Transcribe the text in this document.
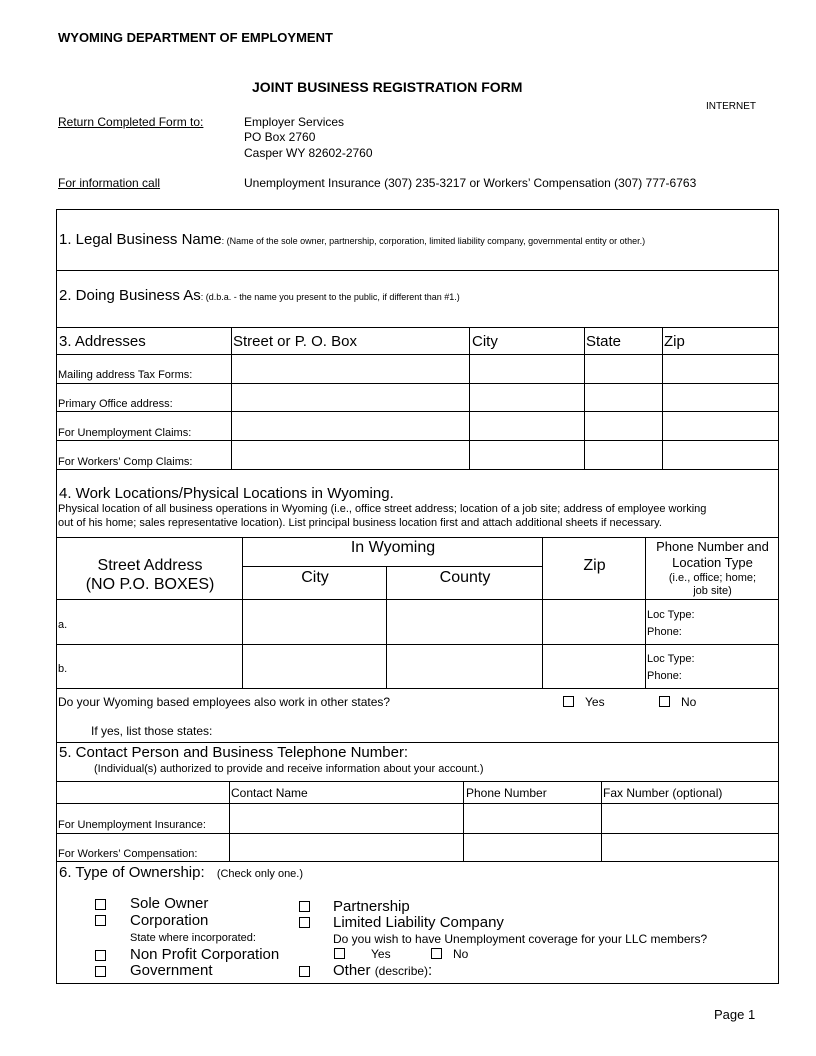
WYOMING DEPARTMENT OF EMPLOYMENT
JOINT BUSINESS REGISTRATION FORM
INTERNET
Return Completed Form to:	Employer Services
PO Box 2760
Casper WY 82602-2760
For information call	Unemployment Insurance (307) 235-3217 or Workers’ Compensation (307) 777-6763
1. Legal Business Name: (Name of the sole owner, partnership, corporation, limited liability company, governmental entity or other.)
2. Doing Business As: (d.b.a. - the name you present to the public, if different than #1.)
3. Addresses	Street or P. O. Box	City	State	Zip
Mailing address Tax Forms:
Primary Office address:
For Unemployment Claims:
For Workers’ Comp Claims:
4. Work Locations/Physical Locations in Wyoming.
Physical location of all business operations in Wyoming (i.e., office street address; location of a job site; address of employee working
out of his home; sales representative location). List principal business location first and attach additional sheets if necessary.
Street Address
(NO P.O. BOXES)
In Wyoming
City	County
Zip
Phone Number and
Location Type
(i.e., office; home;
job site)
a.
Loc Type:
Phone:
b.
Loc Type:
Phone:
Do your Wyoming based employees also work in other states?	Yes	No
If yes, list those states:
5. Contact Person and Business Telephone Number:
(Individual(s) authorized to provide and receive information about your account.)
Contact Name	Phone Number	Fax Number (optional)
For Unemployment Insurance:
For Workers’ Compensation:
6. Type of Ownership: (Check only one.)
Sole Owner
Corporation
State where incorporated:
Non Profit Corporation
Government
Partnership
Limited Liability Company
Do you wish to have Unemployment coverage for your LLC members?
Yes	No
Other (describe):
Page 1
